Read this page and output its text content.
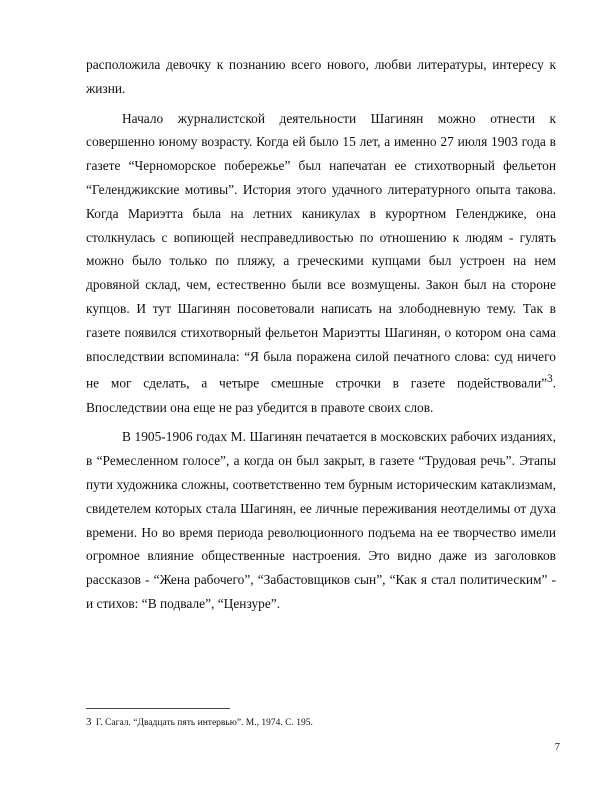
расположила девочку к познанию всего нового, любви литературы, интересу к жизни.

Начало журналистской деятельности Шагинян можно отнести к совершенно юному возрасту. Когда ей было 15 лет, а именно 27 июля 1903 года в газете “Черноморское побережье” был напечатан ее стихотворный фельетон “Геленджикские мотивы”. История этого удачного литературного опыта такова. Когда Мариэтта была на летних каникулах в курортном Геленджике, она столкнулась с вопиющей несправедливостью по отношению к людям - гулять можно было только по пляжу, а греческими купцами был устроен на нем дровяной склад, чем, естественно были все возмущены. Закон был на стороне купцов. И тут Шагинян посоветовали написать на злободневную тему. Так в газете появился стихотворный фельетон Мариэтты Шагинян, о котором она сама впоследствии вспоминала: “Я была поражена силой печатного слова: суд ничего не мог сделать, а четыре смешные строчки в газете подействовали”$^3$. Впоследствии она еще не раз убедится в правоте своих слов.

В 1905-1906 годах М. Шагинян печатается в московских рабочих изданиях, в “Ремесленном голосе”, а когда он был закрыт, в газете “Трудовая речь”. Этапы пути художника сложны, соответственно тем бурным историческим катаклизмам, свидетелем которых стала Шагинян, ее личные переживания неотделимы от духа времени. Но во время периода революционного подъема на ее творчество имели огромное влияние общественные настроения. Это видно даже из заголовков рассказов - “Жена рабочего”, “Забастовщиков сын”, “Как я стал политическим” - и стихов: “В подвале”, “Цензуре”.

3 Г. Сагал. “Двадцать пять интервью”. М., 1974. С. 195.
7
